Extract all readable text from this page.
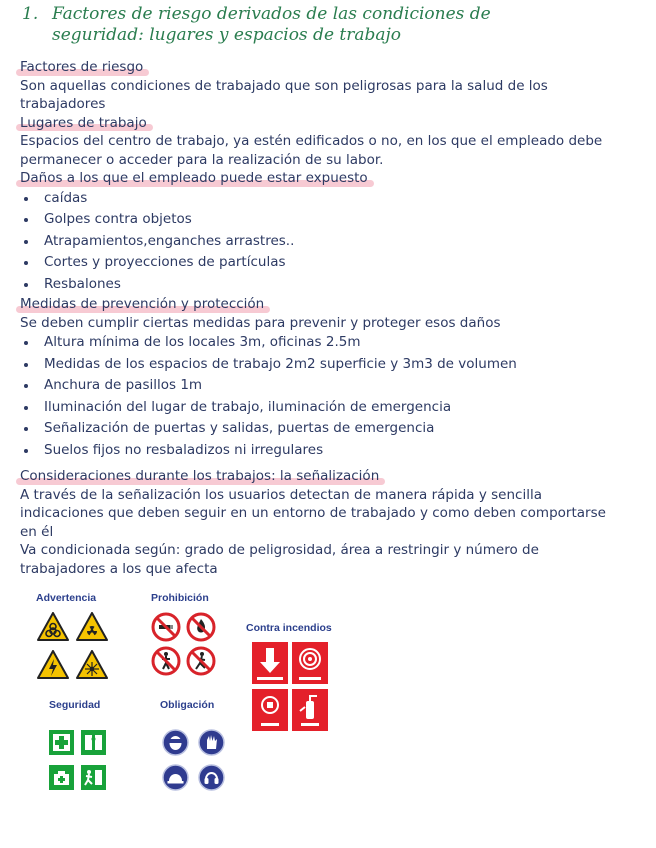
1. Factores de riesgo derivados de las condiciones de
seguridad: lugares y espacios de trabajo
Factores de riesgo
Son aquellas condiciones de trabajado que son peligrosas para la salud de los trabajadores
Lugares de trabajo
Espacios del centro de trabajo, ya estén edificados o no, en los que el empleado debe permanecer o acceder para la realización de su labor.
Daños a los que el empleado puede estar expuesto
caídas
Golpes contra objetos
Atrapamientos,enganches arrastres..
Cortes y proyecciones de partículas
Resbalones
Medidas de prevención y protección
Se deben cumplir ciertas medidas para prevenir y proteger esos daños
Altura mínima de los locales 3m, oficinas 2.5m
Medidas de los espacios de trabajo 2m2 superficie y 3m3 de volumen
Anchura de pasillos 1m
Iluminación del lugar de trabajo, iluminación de emergencia
Señalización de puertas y salidas, puertas de emergencia
Suelos fijos no resbaladizos ni irregulares
Consideraciones durante los trabajos: la señalización
A través de la señalización los usuarios detectan de manera rápida y sencilla indicaciones que deben seguir en un entorno de trabajado y como deben comportarse en él
Va condicionada según: grado de peligrosidad, área a restringir y número de trabajadores a los que afecta
Advertencia	Prohibición
Contra incendios
Seguridad	Obligación
